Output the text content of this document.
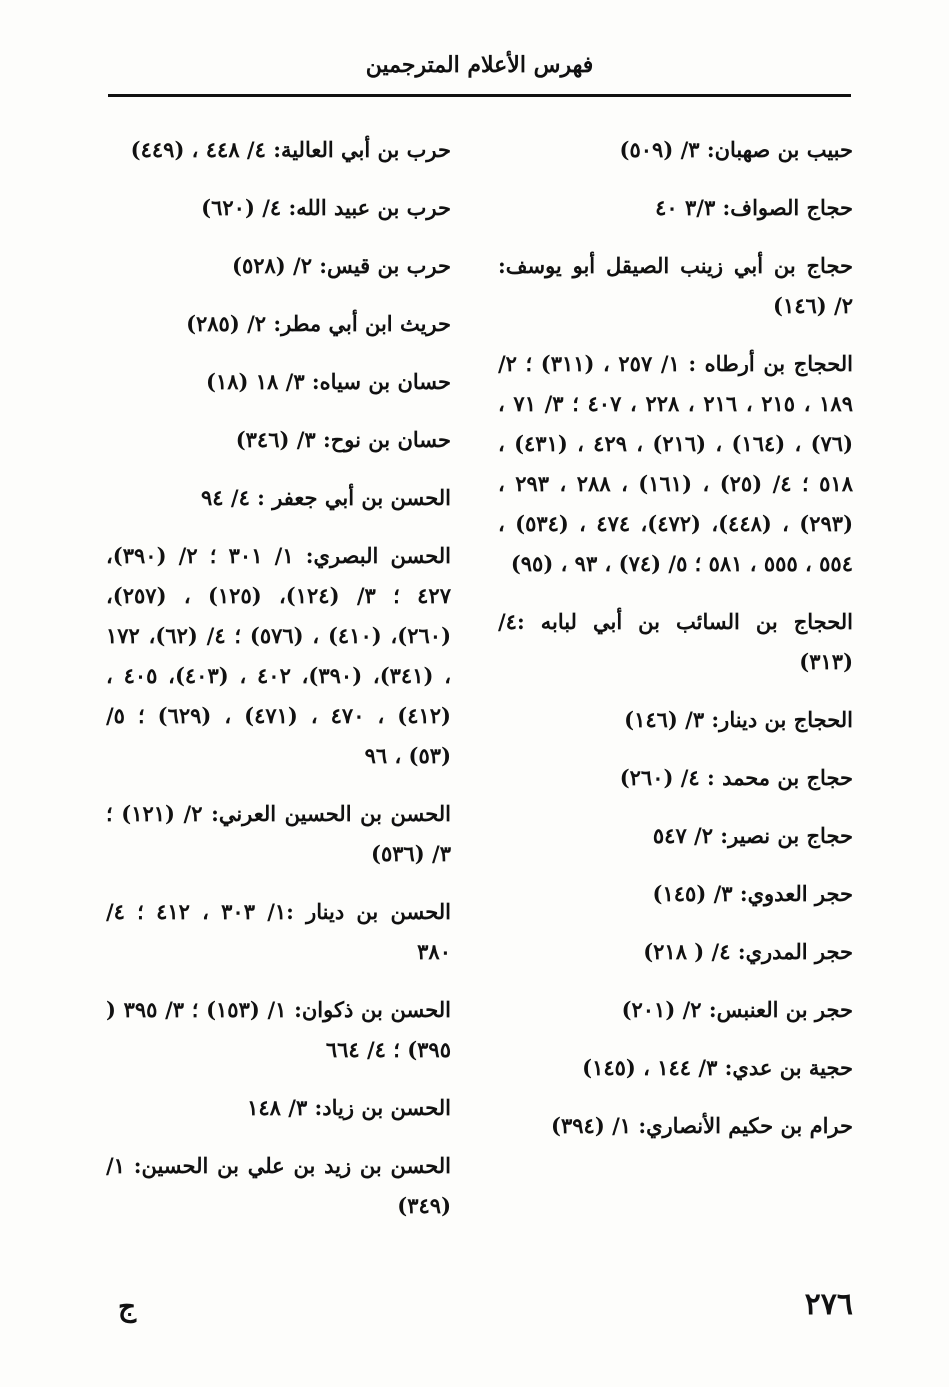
فهرس الأعلام المترجمين

حبيب بن صهبان: ٣/ (٥٠٩)

حجاج الصواف: ٣/٣ ٤٠

حجاج بن أبي زينب الصيقل أبو يوسف: ٢/ (١٤٦)

الحجاج بن أرطاه : ١/ ٢٥٧ ، (٣١١) ؛ ٢/ ١٨٩ ، ٢١٥ ، ٢١٦ ، ٢٢٨ ، ٤٠٧ ؛ ٣/ ٧١ ، (٧٦) ، (١٦٤) ، (٢١٦) ، ٤٢٩ ، (٤٣١) ، ٥١٨ ؛ ٤/ (٢٥) ، (١٦١) ، ٢٨٨ ، ٢٩٣ ، (٢٩٣) ، (٤٤٨)، (٤٧٢)، ٤٧٤ ، (٥٣٤) ، ٥٥٤ ، ٥٥٥ ، ٥٨١ ؛ ٥/ (٧٤) ، ٩٣ ، (٩٥)

الحجاج بن السائب بن أبي لبابه :٤/ (٣١٣)

الحجاج بن دينار: ٣/ (١٤٦)

حجاج بن محمد : ٤/ (٢٦٠)

حجاج بن نصير: ٢/ ٥٤٧

حجر العدوي: ٣/ (١٤٥)

حجر المدري: ٤/ ( ٢١٨)

حجر بن العنبس: ٢/ (٢٠١)

حجية بن عدي: ٣/ ١٤٤ ، (١٤٥)

حرام بن حكيم الأنصاري: ١/ (٣٩٤)

حرب بن أبي العالية: ٤/ ٤٤٨ ، (٤٤٩)

حرب بن عبيد الله: ٤/ (٦٢٠)

حرب بن قيس: ٢/ (٥٢٨)

حريث ابن أبي مطر: ٢/ (٢٨٥)

حسان بن سياه: ٣/ ١٨ (١٨)

حسان بن نوح: ٣/ (٣٤٦)

الحسن بن أبي جعفر : ٤/ ٩٤

الحسن البصري: ١/ ٣٠١ ؛ ٢/ (٣٩٠)، ٤٢٧ ؛ ٣/ (١٢٤)، (١٢٥) ، (٢٥٧)، (٢٦٠)، (٤١٠) ، (٥٧٦) ؛ ٤/ (٦٢)، ١٧٢ ، (٣٤١)، (٣٩٠)، ٤٠٢ ، (٤٠٣)، ٤٠٥ ، (٤١٢) ، ٤٧٠ ، (٤٧١) ، (٦٢٩) ؛ ٥/ (٥٣) ، ٩٦

الحسن بن الحسين العرني: ٢/ (١٢١) ؛ ٣/ (٥٣٦)

الحسن بن دينار :١/ ٣٠٣ ، ٤١٢ ؛ ٤/ ٣٨٠

الحسن بن ذكوان: ١/ (١٥٣) ؛ ٣/ ٣٩٥ ( ٣٩٥) ؛ ٤/ ٦٦٤

الحسن بن زياد: ٣/ ١٤٨

الحسن بن زيد بن علي بن الحسين: ١/ (٣٤٩)

٢٧٦
ج
